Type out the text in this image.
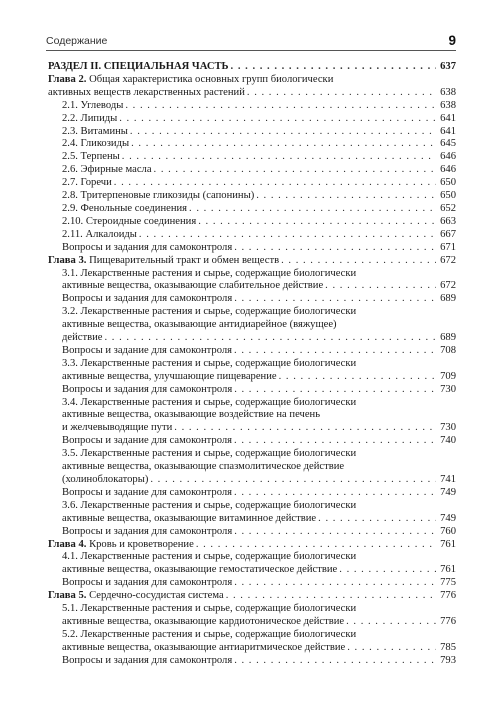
Содержание	9
РАЗДЕЛ II. СПЕЦИАЛЬНАЯ ЧАСТЬ . . .	637
Глава 2. Общая характеристика основных групп биологически
активных веществ лекарственных растений . . .	638
2.1. Углеводы . . .	638
2.2. Липиды . . .	641
2.3. Витамины . . .	641
2.4. Гликозиды . . .	645
2.5. Терпены . . .	646
2.6. Эфирные масла . . .	646
2.7. Горечи . . .	650
2.8. Тритерпеновые гликозиды (сапонины) . . .	650
2.9. Фенольные соединения . . .	652
2.10. Стероидные соединения . . .	663
2.11. Алкалоиды . . .	667
Вопросы и задания для самоконтроля . . .	671
Глава 3. Пищеварительный тракт и обмен веществ . . .	672
3.1. Лекарственные растения и сырье, содержащие биологически
активные вещества, оказывающие слабительное действие . . .	672
Вопросы и задания для самоконтроля . . .	689
3.2. Лекарственные растения и сырье, содержащие биологически
активные вещества, оказывающие антидиарейное (вяжущее)
действие . . .	689
Вопросы и задание для самоконтроля . . .	708
3.3. Лекарственные растения и сырье, содержащие биологически
активные вещества, улучшающие пищеварение . . .	709
Вопросы и задания для самоконтроля . . .	730
3.4. Лекарственные растения и сырье, содержащие биологически
активные вещества, оказывающие воздействие на печень
и желчевыводящие пути . . .	730
Вопросы и задание для самоконтроля . . .	740
3.5. Лекарственные растения и сырье, содержащие биологически
активные вещества, оказывающие спазмолитическое действие
(холиноблокаторы) . . .	741
Вопросы и задание для самоконтроля . . .	749
3.6. Лекарственные растения и сырье, содержащие биологически
активные вещества, оказывающие витаминное действие . . .	749
Вопросы и задания для самоконтроля . . .	760
Глава 4. Кровь и кроветворение . . .	761
4.1. Лекарственные растения и сырье, содержащие биологически
активные вещества, оказывающие гемостатическое действие . . .	761
Вопросы и задания для самоконтроля . . .	775
Глава 5. Сердечно-сосудистая система . . .	776
5.1. Лекарственные растения и сырье, содержащие биологически
активные вещества, оказывающие кардиотоническое действие . . .	776
5.2. Лекарственные растения и сырье, содержащие биологически
активные вещества, оказывающие антиаритмическое действие . . .	785
Вопросы и задания для самоконтроля . . .	793
